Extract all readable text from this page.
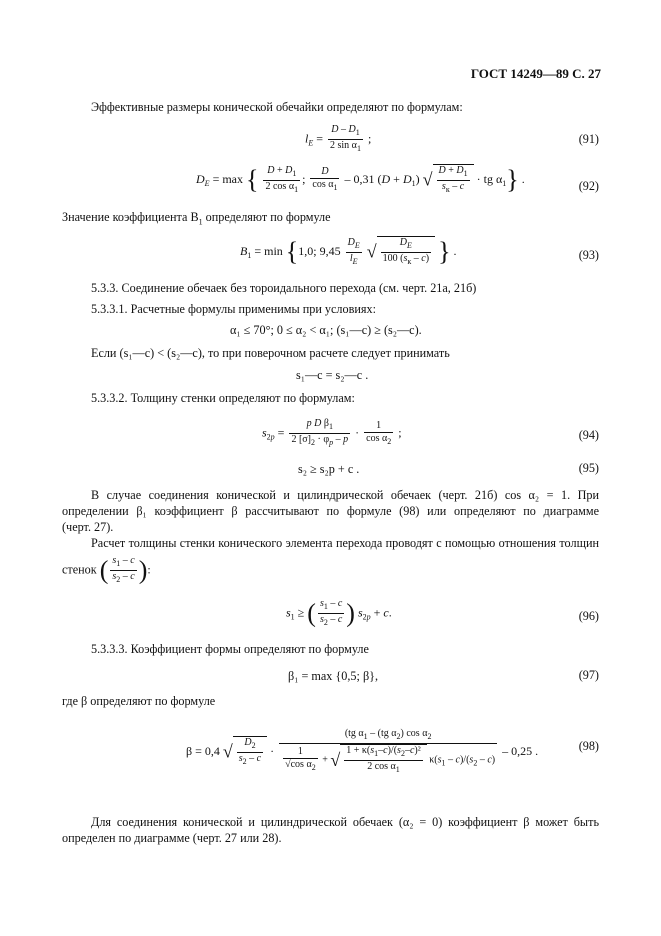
ГОСТ 14249—89 С. 27
Эффективные размеры конической обечайки определяют по формулам:
$l_E = \frac{D - D_1}{2 \sin \alpha_1}$ ;	(91)
$D_E = \max$ { $\frac{D + D_1}{2 \cos \alpha_1}$ ; $\frac{D}{\cos \alpha_1} - 0,31$ $(D + D_1)$ √ $\frac{D + D_1}{s_к - c}$ · tg $\alpha_1$} .
(92)
Значение коэффициента $B_1$ определяют по формуле
$B_1 = \min \{1,0$; $9,45 \frac{D_E}{l_E}$ √ $\frac{D_E}{100 (s_к - c)}$ } .	(93)
5.3.3. Соединение обечаек без тороидального перехода (см. черт. 21а, 21б)
5.3.3.1. Расчетные формулы применимы при условиях:
α₁ ≤ 70°; 0 ≤ α₂ < α₁; (s₁—c) ≥ (s₂—c).
Если (s₁—c) < (s₂—c), то при поверочном расчете следует принимать
s₁—c = s₂—c .
5.3.3.2. Толщину стенки определяют по формулам:
$s_{2p} = \frac{p D \beta_1}{2 [\sigma]_2 \cdot \varphi_p - p} \cdot \frac{1}{\cos \alpha_2}$ ;	(94)
s₂ ≥ s₂p + c .	(95)
В случае соединения конической и цилиндрической обечаек (черт. 21б) cos α₂ = 1. При
определении β₁ коэффициент β рассчитывают по формуле (98) или определяют по диаграмме
(черт. 27).
Расчет толщины стенки конического элемента перехода проводят с помощью отношения толщин
стенок ( $\frac{s_1 - c}{s_2 - c}$ ):
$s_1$ ≥ ( $\frac{s_1 - c}{s_2 - c}$ ) $s_{2p} + c$.	(96)
5.3.3.3. Коэффициент формы определяют по формуле
β₁ = max {0,5; β},	(97)
где β определяют по формуле
β = 0,4 √ $\frac{D_2}{s_2 - c}$ ·
(tg $\alpha_1 - (tg$ $\alpha_2$) $\cos \alpha_2$
$\frac{1}{√\cos \alpha_2}$ + √ $\frac{1 + \kappa(s_1-c)/(s_2-c)^2}{2 \cos \alpha_1} \kappa(s_1 - c)/(s_2 - c)$
– 0,25 .	(98)
Для соединения конической и цилиндрической обечаек (α₂ = 0) коэффициент β может быть
определен по диаграмме (черт. 27 или 28).
